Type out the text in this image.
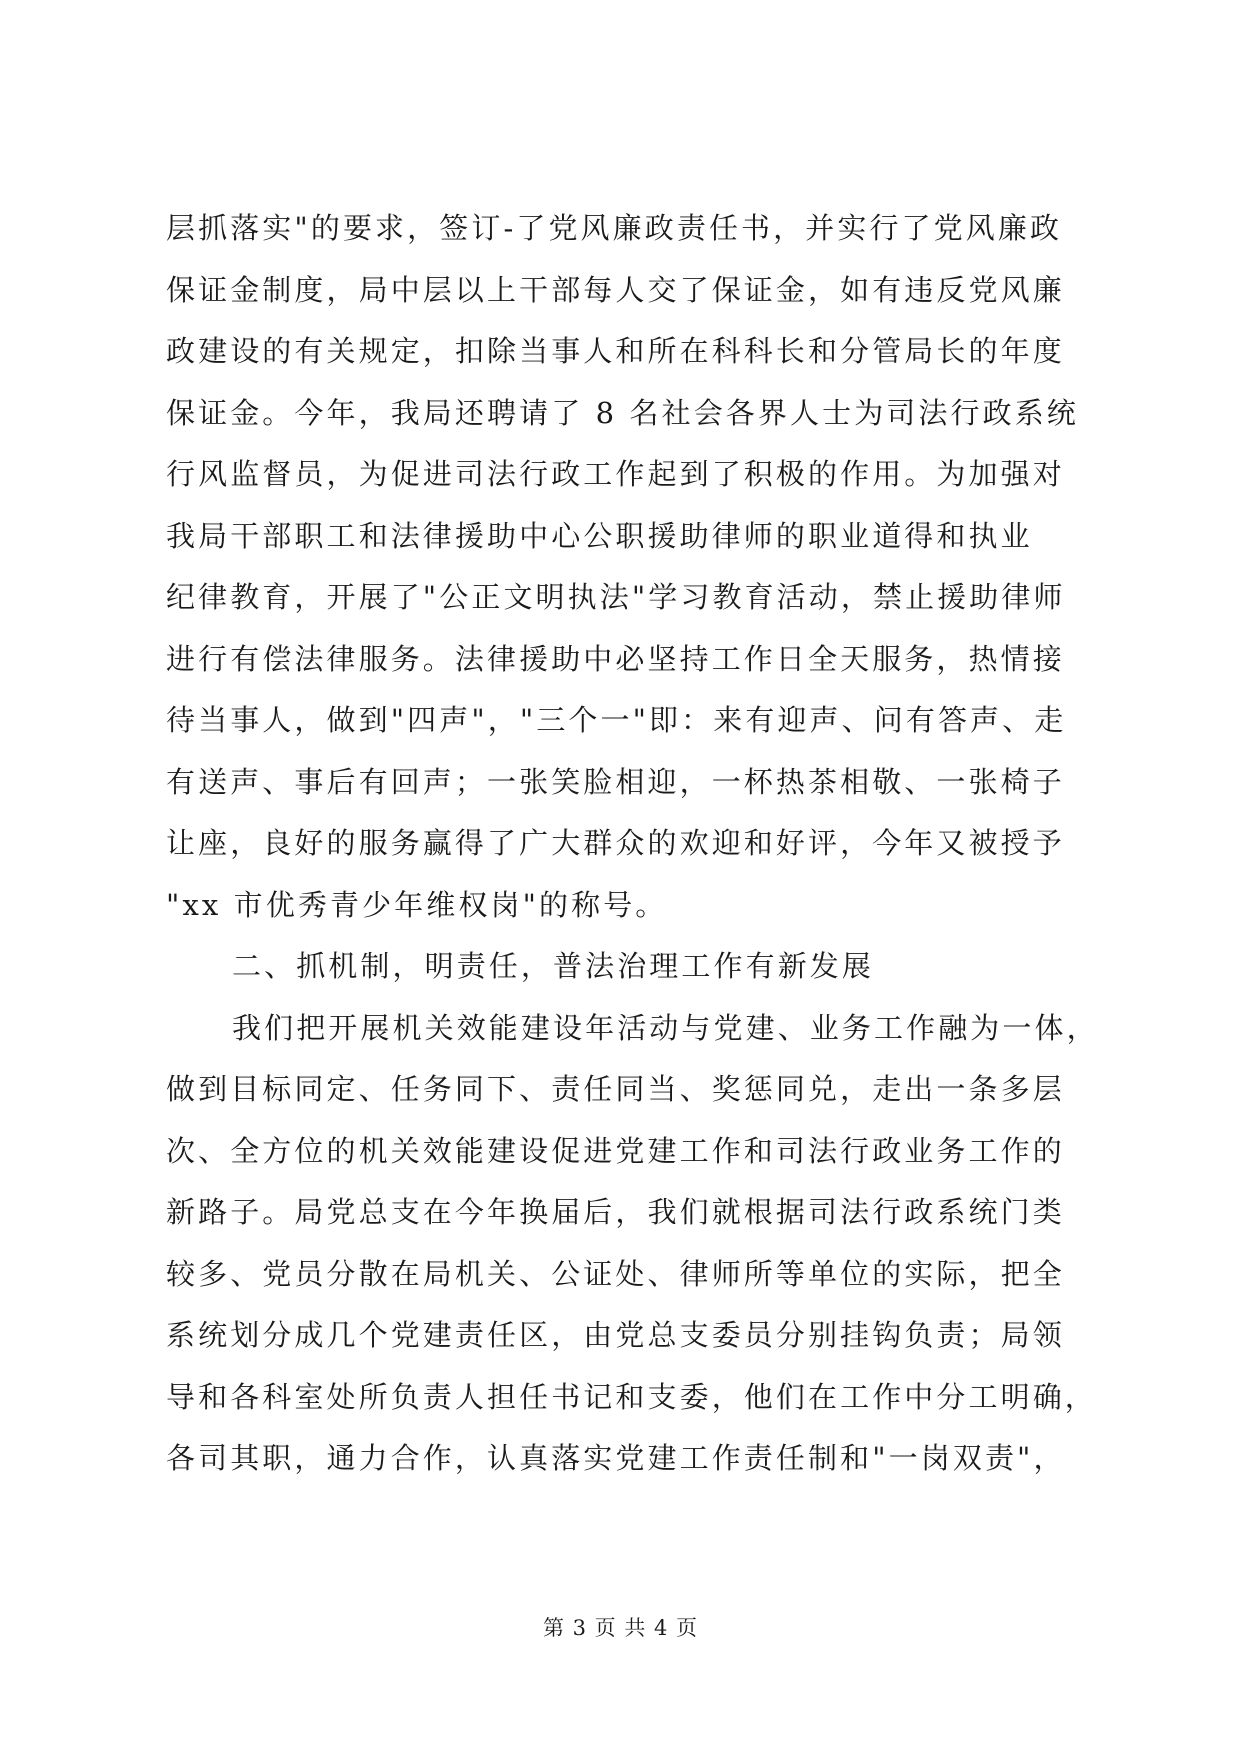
层抓落实"的要求，签订-了党风廉政责任书，并实行了党风廉政
保证金制度，局中层以上干部每人交了保证金，如有违反党风廉
政建设的有关规定，扣除当事人和所在科科长和分管局长的年度
保证金。今年，我局还聘请了 8 名社会各界人士为司法行政系统
行风监督员，为促进司法行政工作起到了积极的作用。为加强对
我局干部职工和法律援助中心公职援助律师的职业道得和执业
纪律教育，开展了"公正文明执法"学习教育活动，禁止援助律师
进行有偿法律服务。法律援助中必坚持工作日全天服务，热情接
待当事人，做到"四声"，"三个一"即：来有迎声、问有答声、走
有送声、事后有回声；一张笑脸相迎，一杯热茶相敬、一张椅子
让座，良好的服务赢得了广大群众的欢迎和好评，今年又被授予
"xx 市优秀青少年维权岗"的称号。
二、抓机制，明责任，普法治理工作有新发展
我们把开展机关效能建设年活动与党建、业务工作融为一体，
做到目标同定、任务同下、责任同当、奖惩同兑，走出一条多层
次、全方位的机关效能建设促进党建工作和司法行政业务工作的
新路子。局党总支在今年换届后，我们就根据司法行政系统门类
较多、党员分散在局机关、公证处、律师所等单位的实际，把全
系统划分成几个党建责任区，由党总支委员分别挂钩负责；局领
导和各科室处所负责人担任书记和支委，他们在工作中分工明确，
各司其职，通力合作，认真落实党建工作责任制和"一岗双责"，
第 3 页 共 4 页
